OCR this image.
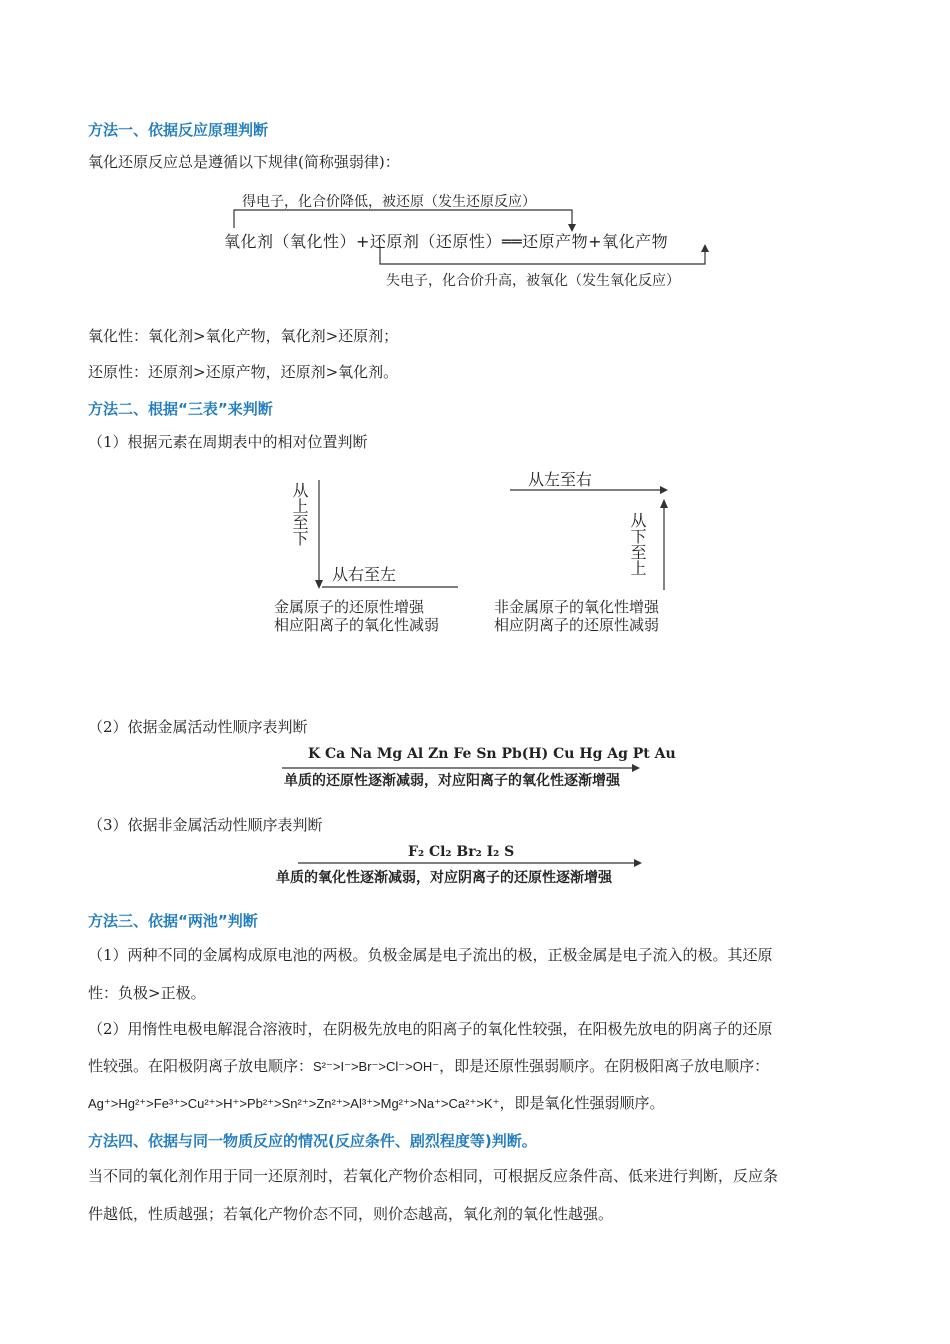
方法一、依据反应原理判断
氧化还原反应总是遵循以下规律(简称强弱律)：
得电子，化合价降低，被还原（发生还原反应）
氧化剂（氧化性）+还原剂（还原性）══还原产物+氧化产物
失电子，化合价升高，被氧化（发生氧化反应）
氧化性：氧化剂>氧化产物，氧化剂>还原剂；
还原性：还原剂>还原产物，还原剂>氧化剂。
方法二、根据“三表”来判断
（1）根据元素在周期表中的相对位置判断
从上至下
从右至左
金属原子的还原性增强
相应阳离子的氧化性减弱
从左至右
从下至上
非金属原子的氧化性增强
相应阴离子的还原性减弱
（2）依据金属活动性顺序表判断
K Ca Na Mg Al Zn Fe Sn Pb(H) Cu Hg Ag Pt Au
单质的还原性逐渐减弱，对应阳离子的氧化性逐渐增强
（3）依据非金属活动性顺序表判断
F₂ Cl₂ Br₂ I₂ S
单质的氧化性逐渐减弱，对应阴离子的还原性逐渐增强
方法三、依据“两池”判断
（1）两种不同的金属构成原电池的两极。负极金属是电子流出的极，正极金属是电子流入的极。其还原
性：负极>正极。
（2）用惰性电极电解混合溶液时，在阴极先放电的阳离子的氧化性较强，在阳极先放电的阴离子的还原
性较强。在阳极阴离子放电顺序：S²⁻>I⁻>Br⁻>Cl⁻>OH⁻，即是还原性强弱顺序。在阴极阳离子放电顺序：
Ag⁺>Hg²⁺>Fe³⁺>Cu²⁺>H⁺>Pb²⁺>Sn²⁺>Zn²⁺>Al³⁺>Mg²⁺>Na⁺>Ca²⁺>K⁺，即是氧化性强弱顺序。
方法四、依据与同一物质反应的情况(反应条件、剧烈程度等)判断。
当不同的氧化剂作用于同一还原剂时，若氧化产物价态相同，可根据反应条件高、低来进行判断，反应条
件越低，性质越强；若氧化产物价态不同，则价态越高，氧化剂的氧化性越强。
